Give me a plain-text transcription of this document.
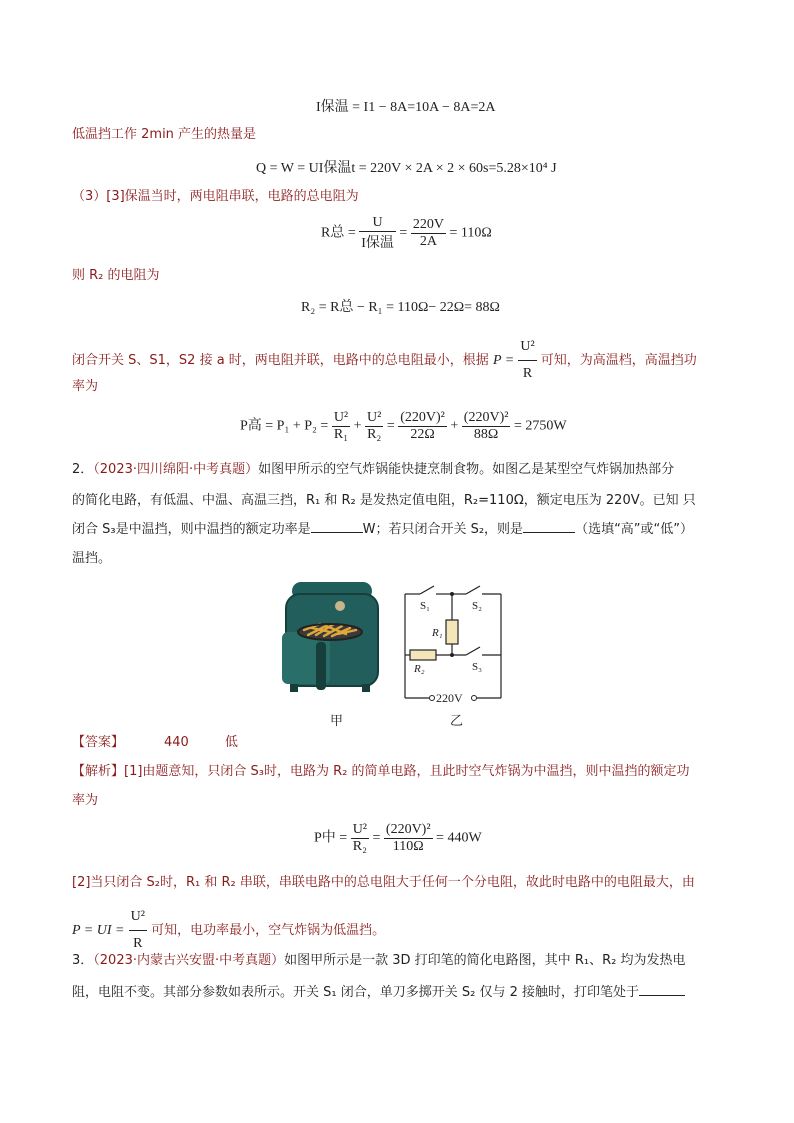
I保温 = I1 − 8A=10A − 8A=2A
低温挡工作 2min 产生的热量是
Q = W = UI保温t = 220V × 2A × 2 × 60s=5.28×10⁴ J
（3）[3]保温当时，两电阻串联，电路的总电阻为
R总 = $\frac{U}{\text{I保温}} = \frac{220V}{2A} = 110\Omega$
则 R₂ 的电阻为
R₂ = R总 − R₁ = 110Ω− 22Ω= 88Ω
闭合开关 S、S1，S2 接 a 时，两电阻并联，电路中的总电阻最小，根据 $P = \frac{\text{U²}}{R}$ 可知，为高温档，高温挡功
率为
P高 = $P_1 + P_2 = \frac{\text{U²}}{\text{R₁}} + \frac{\text{U²}}{\text{R₂}} = \frac{\text{(220V)²}}{22\Omega} + \frac{\text{(220V)²}}{88\Omega} = 2750W$
2．（2023·四川绵阳·中考真题）如图甲所示的空气炸锅能快捷烹制食物。如图乙是某型空气炸锅加热部分
的简化电路，有低温、中温、高温三挡，R₁ 和 R₂ 是发热定值电阻，R₂=110Ω，额定电压为 220V。已知 只
闭合 S₃是中温挡，则中温挡的额定功率是	W；若只闭合开关 S₂，则是	（选填“高”或“低”）
温挡。
S₁	S₂
R₁
R₂	S₃
220V
甲	乙
【答案】	440	低
【解析】[1]由题意知，只闭合 S₃时，电路为 R₂ 的简单电路，且此时空气炸锅为中温挡，则中温挡的额定功
率为
P中 = $\frac{\text{U²}}{\text{R₂}} = \frac{\text{(220V)²}}{110\Omega} = 440W$
[2]当只闭合 S₂时，R₁ 和 R₂ 串联，串联电路中的总电阻大于任何一个分电阻，故此时电路中的电阻最大，由
P = UI = $\frac{\text{U²}}{R}$ 可知，电功率最小，空气炸锅为低温挡。
3．（2023·内蒙古兴安盟·中考真题）如图甲所示是一款 3D 打印笔的简化电路图，其中 R₁、R₂ 均为发热电
阻，电阻不变。其部分参数如表所示。开关 S₁ 闭合，单刀多掷开关 S₂ 仅与 2 接触时，打印笔处于
